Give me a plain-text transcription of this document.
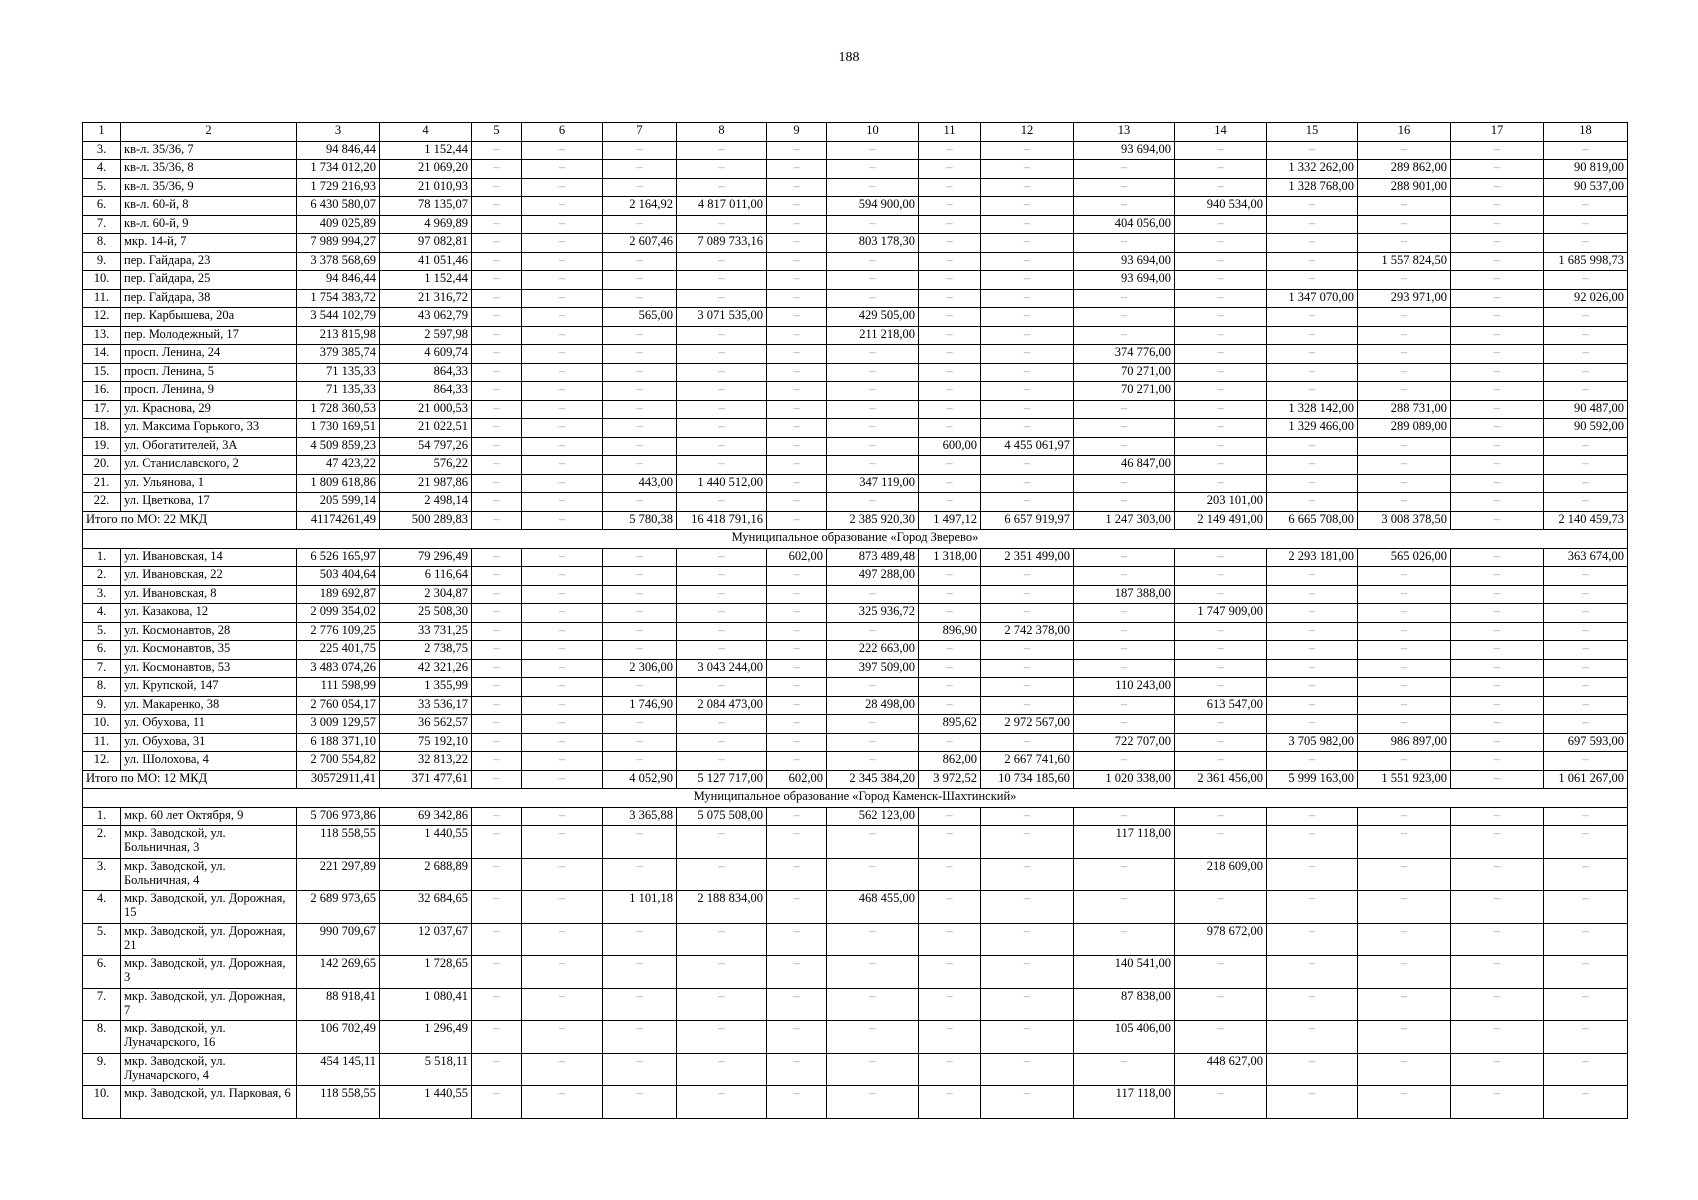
188
1	2	3	4	5	6	7	8	9	10	11	12	13	14	15	16	17	18
3.	кв-л. 35/36, 7	94 846,44	1 152,44	–	–	–	–	–	–	–	–	93 694,00	–	–	–	–	–
4.	кв-л. 35/36, 8	1 734 012,20	21 069,20	–	–	–	–	–	–	–	–	–	–	1 332 262,00	289 862,00	–	90 819,00
5.	кв-л. 35/36, 9	1 729 216,93	21 010,93	–	–	–	–	–	–	–	–	–	–	1 328 768,00	288 901,00	–	90 537,00
6.	кв-л. 60-й, 8	6 430 580,07	78 135,07	–	–	2 164,92	4 817 011,00	–	594 900,00	–	–	–	940 534,00	–	–	–	–
7.	кв-л. 60-й, 9	409 025,89	4 969,89	–	–	–	–	–	–	–	–	404 056,00	–	–	–	–	–
8.	мкр. 14-й, 7	7 989 994,27	97 082,81	–	–	2 607,46	7 089 733,16	–	803 178,30	–	–	–	–	–	–	–	–
9.	пер. Гайдара, 23	3 378 568,69	41 051,46	–	–	–	–	–	–	–	–	93 694,00	–	–	1 557 824,50	–	1 685 998,73
10.	пер. Гайдара, 25	94 846,44	1 152,44	–	–	–	–	–	–	–	–	93 694,00	–	–	–	–	–
11.	пер. Гайдара, 38	1 754 383,72	21 316,72	–	–	–	–	–	–	–	–	–	–	1 347 070,00	293 971,00	–	92 026,00
12.	пер. Карбышева, 20а	3 544 102,79	43 062,79	–	–	565,00	3 071 535,00	–	429 505,00	–	–	–	–	–	–	–	–
13.	пер. Молодежный, 17	213 815,98	2 597,98	–	–	–	–	–	211 218,00	–	–	–	–	–	–	–	–
14.	просп. Ленина, 24	379 385,74	4 609,74	–	–	–	–	–	–	–	–	374 776,00	–	–	–	–	–
15.	просп. Ленина, 5	71 135,33	864,33	–	–	–	–	–	–	–	–	70 271,00	–	–	–	–	–
16.	просп. Ленина, 9	71 135,33	864,33	–	–	–	–	–	–	–	–	70 271,00	–	–	–	–	–
17.	ул. Краснова, 29	1 728 360,53	21 000,53	–	–	–	–	–	–	–	–	–	–	1 328 142,00	288 731,00	–	90 487,00
18.	ул. Максима Горького, 33	1 730 169,51	21 022,51	–	–	–	–	–	–	–	–	–	–	1 329 466,00	289 089,00	–	90 592,00
19.	ул. Обогатителей, 3А	4 509 859,23	54 797,26	–	–	–	–	–	–	600,00	4 455 061,97	–	–	–	–	–	–
20.	ул. Станиславского, 2	47 423,22	576,22	–	–	–	–	–	–	–	–	46 847,00	–	–	–	–	–
21.	ул. Ульянова, 1	1 809 618,86	21 987,86	–	–	443,00	1 440 512,00	–	347 119,00	–	–	–	–	–	–	–	–
22.	ул. Цветкова, 17	205 599,14	2 498,14	–	–	–	–	–	–	–	–	–	203 101,00	–	–	–	–
Итого по МО: 22 МКД		41174261,49	500 289,83	–	–	5 780,38	16 418 791,16	–	2 385 920,30	1 497,12	6 657 919,97	1 247 303,00	2 149 491,00	6 665 708,00	3 008 378,50	–	2 140 459,73
Муниципальное образование «Город Зверево»																	
1.	ул. Ивановская, 14	6 526 165,97	79 296,49	–	–	–	–	602,00	873 489,48	1 318,00	2 351 499,00	–	–	2 293 181,00	565 026,00	–	363 674,00
2.	ул. Ивановская, 22	503 404,64	6 116,64	–	–	–	–	–	497 288,00	–	–	–	–	–	–	–	–
3.	ул. Ивановская, 8	189 692,87	2 304,87	–	–	–	–	–	–	–	–	187 388,00	–	–	–	–	–
4.	ул. Казакова, 12	2 099 354,02	25 508,30	–	–	–	–	–	325 936,72	–	–	–	1 747 909,00	–	–	–	–
5.	ул. Космонавтов, 28	2 776 109,25	33 731,25	–	–	–	–	–	–	896,90	2 742 378,00	–	–	–	–	–	–
6.	ул. Космонавтов, 35	225 401,75	2 738,75	–	–	–	–	–	222 663,00	–	–	–	–	–	–	–	–
7.	ул. Космонавтов, 53	3 483 074,26	42 321,26	–	–	2 306,00	3 043 244,00	–	397 509,00	–	–	–	–	–	–	–	–
8.	ул. Крупской, 147	111 598,99	1 355,99	–	–	–	–	–	–	–	–	110 243,00	–	–	–	–	–
9.	ул. Макаренко, 38	2 760 054,17	33 536,17	–	–	1 746,90	2 084 473,00	–	28 498,00	–	–	–	613 547,00	–	–	–	–
10.	ул. Обухова, 11	3 009 129,57	36 562,57	–	–	–	–	–	–	895,62	2 972 567,00	–	–	–	–	–	–
11.	ул. Обухова, 31	6 188 371,10	75 192,10	–	–	–	–	–	–	–	–	722 707,00	–	3 705 982,00	986 897,00	–	697 593,00
12.	ул. Шолохова, 4	2 700 554,82	32 813,22	–	–	–	–	–	–	862,00	2 667 741,60	–	–	–	–	–	–
Итого по МО: 12 МКД		30572911,41	371 477,61	–	–	4 052,90	5 127 717,00	602,00	2 345 384,20	3 972,52	10 734 185,60	1 020 338,00	2 361 456,00	5 999 163,00	1 551 923,00	–	1 061 267,00
Муниципальное образование «Город Каменск-Шахтинский»																	
1.	мкр. 60 лет Октября, 9	5 706 973,86	69 342,86	–	–	3 365,88	5 075 508,00	–	562 123,00	–	–	–	–	–	–	–	–
2.	мкр. Заводской, ул. Больничная, 3	118 558,55	1 440,55	–	–	–	–	–	–	–	–	117 118,00	–	–	–	–	–
3.	мкр. Заводской, ул. Больничная, 4	221 297,89	2 688,89	–	–	–	–	–	–	–	–	–	218 609,00	–	–	–	–
4.	мкр. Заводской, ул. Дорожная, 15	2 689 973,65	32 684,65	–	–	1 101,18	2 188 834,00	–	468 455,00	–	–	–	–	–	–	–	–
5.	мкр. Заводской, ул. Дорожная, 21	990 709,67	12 037,67	–	–	–	–	–	–	–	–	–	978 672,00	–	–	–	–
6.	мкр. Заводской, ул. Дорожная, 3	142 269,65	1 728,65	–	–	–	–	–	–	–	–	140 541,00	–	–	–	–	–
7.	мкр. Заводской, ул. Дорожная, 7	88 918,41	1 080,41	–	–	–	–	–	–	–	–	87 838,00	–	–	–	–	–
8.	мкр. Заводской, ул. Луначарского, 16	106 702,49	1 296,49	–	–	–	–	–	–	–	–	105 406,00	–	–	–	–	–
9.	мкр. Заводской, ул. Луначарского, 4	454 145,11	5 518,11	–	–	–	–	–	–	–	–	–	448 627,00	–	–	–	–
10.	мкр. Заводской, ул. Парковая, 6	118 558,55	1 440,55	–	–	–	–	–	–	–	–	117 118,00	–	–	–	–	–
